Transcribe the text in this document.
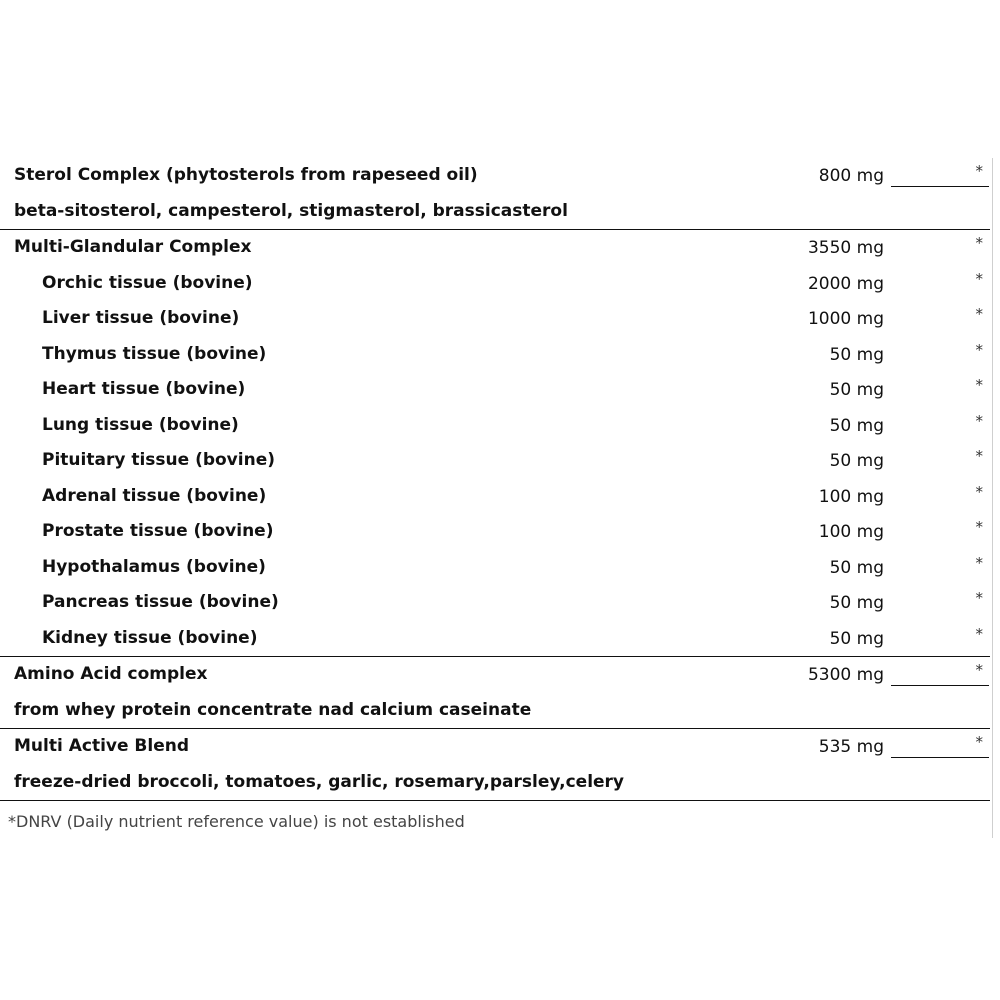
Sterol Complex (phytosterols from rapeseed oil)	800 mg	*
beta-sitosterol, campesterol, stigmasterol, brassicasterol
Multi-Glandular Complex	3550 mg	*
Orchic tissue (bovine)	2000 mg	*
Liver tissue (bovine)	1000 mg	*
Thymus tissue (bovine)	50 mg	*
Heart tissue (bovine)	50 mg	*
Lung tissue (bovine)	50 mg	*
Pituitary tissue (bovine)	50 mg	*
Adrenal tissue (bovine)	100 mg	*
Prostate tissue (bovine)	100 mg	*
Hypothalamus (bovine)	50 mg	*
Pancreas tissue (bovine)	50 mg	*
Kidney tissue (bovine)	50 mg	*
Amino Acid complex	5300 mg	*
from whey protein concentrate nad calcium caseinate
Multi Active Blend	535 mg	*
freeze-dried broccoli, tomatoes, garlic, rosemary,parsley,celery
*DNRV (Daily nutrient reference value) is not established
